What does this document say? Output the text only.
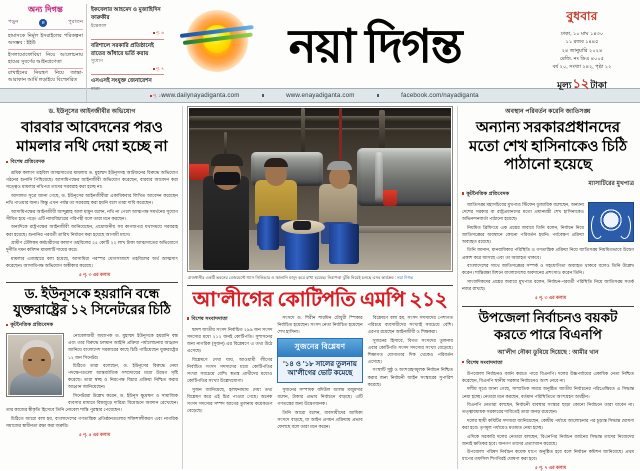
অন্য দিগন্ত
পড়ুন	e	পুরাতন
হামাসকে নির্মূল ইসরাইলের পরিকল্পনা অসম্ভব : ইইউ
ইসলামোফোবিয়া নিয়ে আলোচনায় হামের সুবর্ণের আইনপ্রণেতা
রাখাইনের নিয়ন্ত্রণ নিয়ে জান্তা-আরাকান আর্মি লড়াইয়ে বিস্ফোরিত
ইকবেলার আহমেদ ও মুজাহিদিন ফারুকীর
ইন্তেকাল
পৃ. ৬
বরিশালে সরকারি প্রতিষ্ঠানেই রাতের আঁধারে ভর্তি করায়
সুযোগ
পৃ. ৭
এসএসই সংযুক্ত জেনারেশন
যাত্রা
পৃ. ১০
নয়া দিগন্ত
বুধবার
ঢাকা, ১০ মাঘ ১৪৩০
১১ রজব ১৪৪৫
২৪ জানুয়ারি ২০২৪
রেজি. নং ডিএ ৪০০৫
বর্ষ ২০, সংখ্যা ২৪২, পৃষ্ঠা ১২
মূল্য১২টাকা
www.dailynayadiganta.com	www.enayadiganta.com	facebook.com/nayadiganta
ড. ইউনূসের আইনজীবীর অভিযোগ
বারবার আবেদনের পরও মামলার নথি দেয়া হচ্ছে না
বিশেষ প্রতিবেদক

শ্রমিক কল্যাণ তহবিল আত্মসাতের মামলায় ড. মুহাম্মদ ইউনূসসহ আটজনের বিরুদ্ধে অভিযোগ গঠনের শুনানি পিছিয়েছে। আসামিপক্ষের আইনজীবী অভিযোগ করেছেন, বারবার আবেদন করা সত্ত্বেও মামলার নথিপত্র তাদের সরবরাহ করা হচ্ছে না।

আদালত সূত্রে জানা গেছে, ড. ইউনূসের আইনজীবীরা একাধিকবার লিখিত আবেদন করেছেন নথি পাওয়ার জন্য। কিন্তু এখন পর্যন্ত তা সরবরাহ করা হয়নি বলে তারা দাবি করেছেন।

আসামিপক্ষের আইনজীবী আব্দুল্লাহ আল মামুন বলেন, নথি না পেলে আত্মপক্ষ সমর্থনের সুযোগ সীমিত হয়ে পড়ে। এটি ন্যায়বিচারের পরিপন্থী বলে তারা মনে করছেন।

অন্যদিকে রাষ্ট্রপক্ষের আইনজীবী জানিয়েছেন, প্রয়োজনীয় সব কাগজপত্র যথাসময়ে সরবরাহ করা হয়েছে। শুনানির পরবর্তী তারিখ নির্ধারণ করা হয়েছে আগামী মাসে।

গ্রামীণ টেলিকম কর্মচারীদের কল্যাণ তহবিলের ২৫ কোটি ২২ লাখ টাকা আত্মসাতের অভিযোগে দুর্নীতি দমন কমিশন মামলাটি দায়ের করে।

মামলার এজাহারে বলা হয়েছে, আসামিরা পরস্পর যোগসাজশে তহবিলের অর্থ আত্মসাৎ করেছেন। আসামিপক্ষ অভিযোগ অস্বীকার করেছে।

৫ পৃ. ৩ এর কলাম

ড. ইউনূসকে হয়রানি বন্ধে যুক্তরাষ্ট্রের ১২ সিনেটরের চিঠি
কূটনৈতিক প্রতিবেদক

নোবেলজয়ী অধ্যাপক ড. মুহাম্মদ ইউনূসকে হয়রানি বন্ধ এবং তার বিরুদ্ধে চলমান আইনি প্রক্রিয়া পর্যালোচনার আহ্বান জানিয়ে বাংলাদেশ সরকারের কাছে চিঠি পাঠিয়েছেন যুক্তরাষ্ট্রের ১২ জন সিনেটর।

চিঠিতে তারা বলেছেন, ড. ইউনূসের বিরুদ্ধে নেয়া পদক্ষেপগুলো আন্তর্জাতিক সম্প্রদায়ের মধ্যে উদ্বেগ সৃষ্টি করেছে। তারা স্বচ্ছ ও নিরপেক্ষ বিচার প্রক্রিয়া নিশ্চিত করার আহ্বান জানিয়েছেন।

সিনেটররা উল্লেখ করেন, ড. ইউনূস ক্ষুদ্রঋণ ও সামাজিক ব্যবসার মাধ্যমে বিশ্বজুড়ে দারিদ্র্য বিমোচনে অবদান রেখেছেন। তার কাজের স্বীকৃতি হিসেবে তিনি নোবেল শান্তি পুরস্কার পেয়েছেন।

চিঠিতে আরো বলা হয়, বাংলাদেশের গণতান্ত্রিক প্রতিষ্ঠানগুলোর শক্তিশালীকরণ এবং নাগরিক সমাজের স্বাধীনতা রক্ষা করা জরুরি।

৫ পৃ. ৫ এর কলাম

রাজধানীর একটি ভবনের বেজমেন্টে গ্যাস সিলিন্ডার ও জ্বালানি মজুদ করে রাখা হয়েছে। নিরাপত্তা ঝুঁকি নিয়েই চলছে এসব কার্যক্রম : নয়া দিগন্ত
আ'লীগের কোটিপতি এমপি ২১২
বিশেষ সংবাদদাতা

দ্বাদশ জাতীয় সংসদ নির্বাচিত ২৯৯ জন সংসদ সদস্যের মধ্যে ২১২ জনই কোটিপতি। সুশাসনের জন্য নাগরিক (সুজন) এর বিশ্লেষণে এ তথ্য উঠে এসেছে।

বিশ্লেষণে দেখা যায়, আওয়ামী লীগের নির্বাচিত সংসদ সদস্যদের মধ্যে কোটিপতির সংখ্যা সবচেয়ে বেশি। স্বতন্ত্র প্রার্থীদের মধ্যেও কোটিপতির সংখ্যা উল্লেখযোগ্য।

সুজন জানিয়েছে, হলফনামায় দেয়া তথ্য বিশ্লেষণ করে এই চিত্র পাওয়া গেছে। অনেক সংসদ সদস্যের সম্পদ আগের তুলনায় কয়েকগুণ বেড়েছে।

সংসদে ড. শিরীন শারমিন চৌধুরী স্পিকার নির্বাচিত হয়েছেন। সংসদ নেতা নির্বাচিত হয়েছেন শেখ হাসিনা।

সুজনের বিশ্লেষণ
'১৪ ও '১৮ সালের তুলনায় আ'লীগের ভোট কমেছে

সুজনের সম্পাদক বদিউল আলম মজুমদার বলেন, টাকার প্রভাব নির্বাচনে বাড়ছে। এটি গণতন্ত্রের জন্য উদ্বেগজনক।

তিনি আরো বলেন, ব্যবসায়ীদের আধিক্য সংসদে বাড়ছে, যা আইন প্রণয়ন প্রক্রিয়ায় প্রভাব ফেলছে বলে তারা মনে করেন।

বিশ্লেষণে বলা হয়, সংসদ সদস্যদের পেশাগত পরিচয়ে ব্যবসায়ীদের সংখ্যাই সবচেয়ে বেশি। এরপর রয়েছেন আইনজীবী ও শিক্ষকরা।

সুজনের হিসাবে, বিগত সংসদের তুলনায় এবার কোটিপতি সংসদ সদস্যের সংখ্যা বেড়েছে। শিক্ষাগত যোগ্যতার দিক থেকেও পরিবর্তন এসেছে।

সংস্থাটি সুষ্ঠু ও অংশগ্রহণমূলক নির্বাচন নিশ্চিত করার জন্য নির্বাচনী আইন সংস্কারের সুপারিশ করেছে।

অবস্থান পরিবর্তন করেনি জাতিসঙ্ঘ
অন্যান্য সরকারপ্রধানদের মতো শেখ হাসিনাকেও চিঠি পাঠানো হয়েছে
ম্যাসাটিরের মুখপাত্র
কূটনৈতিক প্রতিবেদক

জাতিসঙ্ঘ মহাসচিবের মুখপাত্র স্টিফেন ডুজারিক বলেছেন, অন্যান্য দেশের সরকার বা রাষ্ট্রপ্রধানদের মতো প্রধানমন্ত্রী শেখ হাসিনাকেও অভিনন্দনবার্তা পাঠানো হয়েছে।

নিয়মিত ব্রিফিংয়ে এক প্রশ্নের জবাবে তিনি বলেন, নির্বাচন নিয়ে জাতিসঙ্ঘের অবস্থানে কোনো পরিবর্তন হয়নি। পর্যবেক্ষণ প্রক্রিয়া অব্যাহত রয়েছে।

তিনি জানান, মানবাধিকার পরিস্থিতি ও গণতান্ত্রিক প্রক্রিয়া নিয়ে জাতিসঙ্ঘ নিয়মিতভাবে উদ্বেগ প্রকাশ করে আসছে এবং তা অব্যাহত থাকবে।

বাংলাদেশের সাথে জাতিসঙ্ঘের সম্পর্ক ও সহযোগিতা অব্যাহত থাকবে বলেও তিনি উল্লেখ করেন। শান্তিরক্ষা মিশনে বাংলাদেশের অবদানের প্রশংসাও করেন তিনি।

সাংবাদিকদের প্রশ্নের জবাবে মুখপাত্র বলেন, নির্বাচন-পরবর্তী পরিস্থিতি নিয়ে জাতিসঙ্ঘ সতর্ক নজর রাখছে।

৫ পৃ. ৩ এর কলাম

উপজেলা নির্বাচনও বয়কট করতে পারে বিএনপি
আ'লীগ নৌকা ডুবিয়ে দিয়েছে : আমীর খান
বিশেষ সংবাদদাতা

উপজেলা নির্বাচনও বর্জন করতে পারে বিএনপি। দলের উচ্চপর্যায়ের একাধিক নেতা নিশ্চিত করেছেন, বিএনপি স্থানীয় সরকার নির্বাচনেও অংশ নেবে না।

দলীয় সূত্রে জানা গেছে, সাম্প্রতিক সময়ে অনুষ্ঠিত জাতীয় নির্বাচনের পরিপ্রেক্ষিতে এ সিদ্ধান্ত নেয়া হচ্ছে। নেতারা মনে করছেন, বর্তমান পরিস্থিতিতে অংশগ্রহণ অর্থহীন।

বিএনপি নেতারা বলছেন, নির্বাচনী ব্যবস্থার সংস্কার ছাড়া কোনো নির্বাচনে তারা যাবেন না। তত্ত্বাবধায়ক সরকারের দাবিতেই তারা অনড় রয়েছেন।

দলের স্থায়ী কমিটির সদস্যরা জানিয়েছেন, কেন্দ্রীয় পর্যায়ে আলোচনার পর চূড়ান্ত সিদ্ধান্ত ঘোষণা করা হবে। তৃণমূল পর্যায়েও মতামত নেয়া হচ্ছে।

এদিকে সরকারি দলের নেতারা বলছেন, বিএনপির নির্বাচন বর্জনের সিদ্ধান্ত তাদের নিজেদের জন্যই ক্ষতিকর হবে। জনগণ তাদের প্রত্যাখ্যান করেছে।

উপজেলা পরিষদ নির্বাচন কয়েক ধাপে অনুষ্ঠিত হবে বলে নির্বাচন কমিশন জানিয়েছে। প্রথম ধাপের তফসিল শিগগিরই ঘোষণা করা হবে।

৫ পৃ. ৭ এর কলাম
